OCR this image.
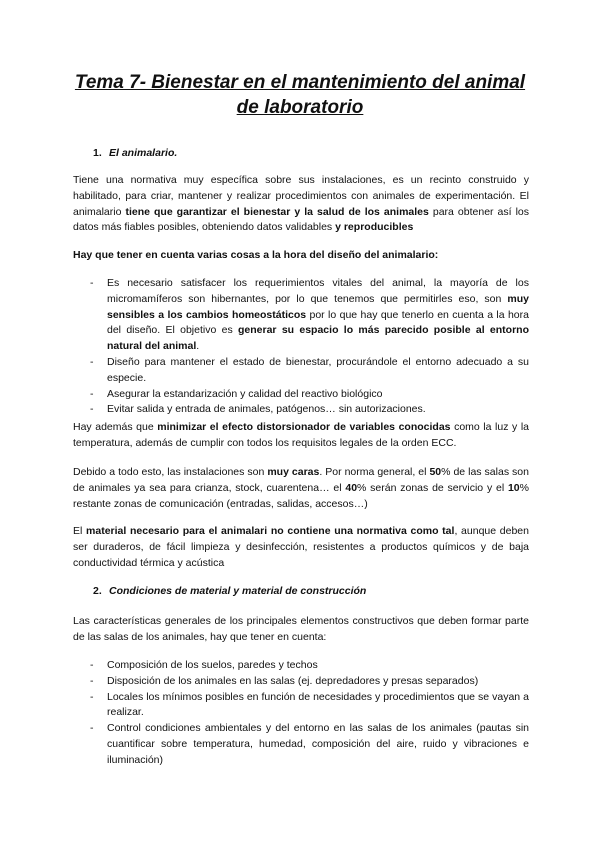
Tema 7- Bienestar en el mantenimiento del animal
de laboratorio
1. El animalario.

Tiene una normativa muy específica sobre sus instalaciones, es un recinto construido y habilitado, para criar, mantener y realizar procedimientos con animales de experimentación. El animalario tiene que garantizar el bienestar y la salud de los animales para obtener así los datos más fiables posibles, obteniendo datos validables y reproducibles

Hay que tener en cuenta varias cosas a la hora del diseño del animalario:

- Es necesario satisfacer los requerimientos vitales del animal, la mayoría de los micromamíferos son hibernantes, por lo que tenemos que permitirles eso, son muy sensibles a los cambios homeostáticos por lo que hay que tenerlo en cuenta a la hora del diseño. El objetivo es generar su espacio lo más parecido posible al entorno natural del animal.
- Diseño para mantener el estado de bienestar, procurándole el entorno adecuado a su especie.
- Asegurar la estandarización y calidad del reactivo biológico
- Evitar salida y entrada de animales, patógenos… sin autorizaciones.

Hay además que minimizar el efecto distorsionador de variables conocidas como la luz y la temperatura, además de cumplir con todos los requisitos legales de la orden ECC.

Debido a todo esto, las instalaciones son muy caras. Por norma general, el 50% de las salas son de animales ya sea para crianza, stock, cuarentena… el 40% serán zonas de servicio y el 10% restante zonas de comunicación (entradas, salidas, accesos…)

El material necesario para el animalari no contiene una normativa como tal, aunque deben ser duraderos, de fácil limpieza y desinfección, resistentes a productos químicos y de baja conductividad térmica y acústica

2. Condiciones de material y material de construcción

Las características generales de los principales elementos constructivos que deben formar parte de las salas de los animales, hay que tener en cuenta:

- Composición de los suelos, paredes y techos
- Disposición de los animales en las salas (ej. depredadores y presas separados)
- Locales los mínimos posibles en función de necesidades y procedimientos que se vayan a realizar.
- Control condiciones ambientales y del entorno en las salas de los animales (pautas sin cuantificar sobre temperatura, humedad, composición del aire, ruido y vibraciones e iluminación)
